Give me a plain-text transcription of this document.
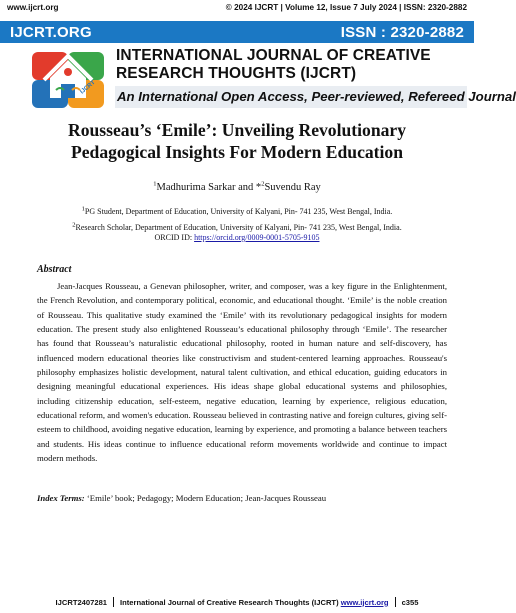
www.ijcrt.org	© 2024 IJCRT | Volume 12, Issue 7 July 2024 | ISSN: 2320-2882
IJCRT.ORG	ISSN : 2320-2882
IJCRT
INTERNATIONAL JOURNAL OF CREATIVE
RESEARCH THOUGHTS (IJCRT)
An International Open Access, Peer-reviewed, Refereed Journal
Rousseau’s ‘Emile’: Unveiling Revolutionary
Pedagogical Insights For Modern Education
$^1$Madhurima Sarkar and *$^2$Suvendu Ray
$^1$PG Student, Department of Education, University of Kalyani, Pin- 741 235, West Bengal, India.
$^2$Research Scholar, Department of Education, University of Kalyani, Pin- 741 235, West Bengal, India.
ORCID ID: https://orcid.org/0009-0001-5705-9105
Abstract

Jean-Jacques Rousseau, a Genevan philosopher, writer, and composer, was a key figure in the Enlightenment, the French Revolution, and contemporary political, economic, and educational thought. ‘Emile’ is the noble creation of Rousseau. This qualitative study examined the ‘Emile’ with its revolutionary pedagogical insights for modern education. The present study also enlightened Rousseau’s educational philosophy through ‘Emile’. The researcher has found that Rousseau’s naturalistic educational philosophy, rooted in human nature and self-discovery, has influenced modern educational theories like constructivism and student-centered learning approaches. Rousseau's philosophy emphasizes holistic development, natural talent cultivation, and ethical education, guiding educators in designing meaningful educational experiences. His ideas shape global educational systems and philosophies, including citizenship education, self-esteem, negative education, learning by experience, religious education, educational reform, and women's education. Rousseau believed in contrasting native and foreign cultures, giving self-esteem to childhood, avoiding negative education, learning by experience, and promoting a balance between teachers and students. His ideas continue to influence educational reform movements worldwide and continue to impact modern methods.

Index Terms: ‘Emile’ book; Pedagogy; Modern Education; Jean-Jacques Rousseau
IJCRT2407281 International Journal of Creative Research Thoughts (IJCRT)
www.ijcrt.org c355
